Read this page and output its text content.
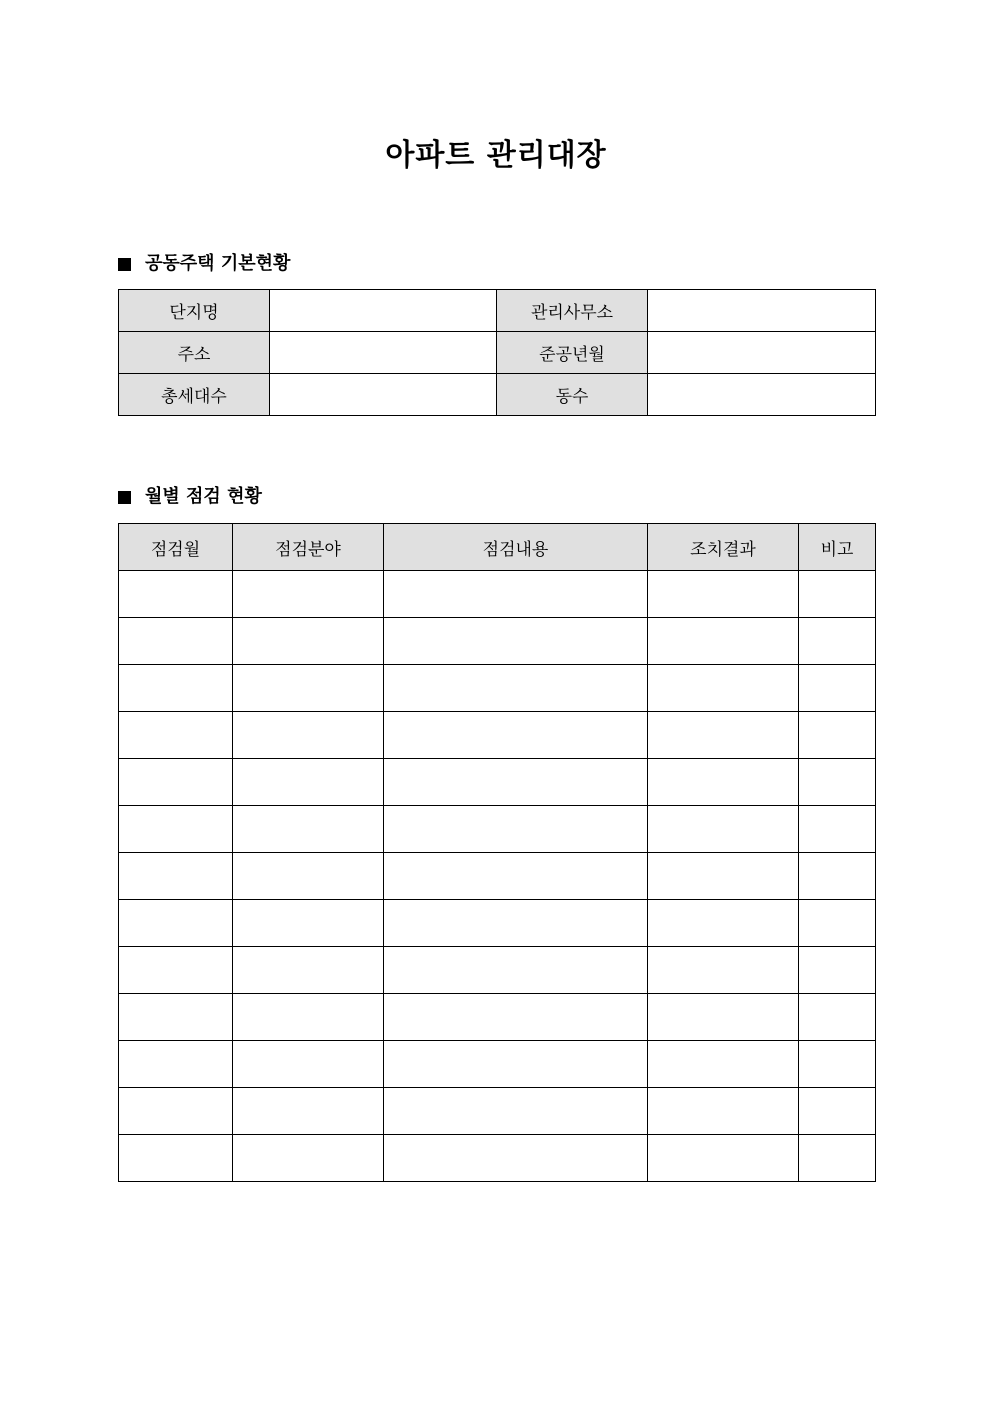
아파트 관리대장
공동주택 기본현황
단지명		관리사무소	
주소		준공년월	
총세대수		동수	
월별 점검 현황
점검월	점검분야	점검내용	조치결과	비고
